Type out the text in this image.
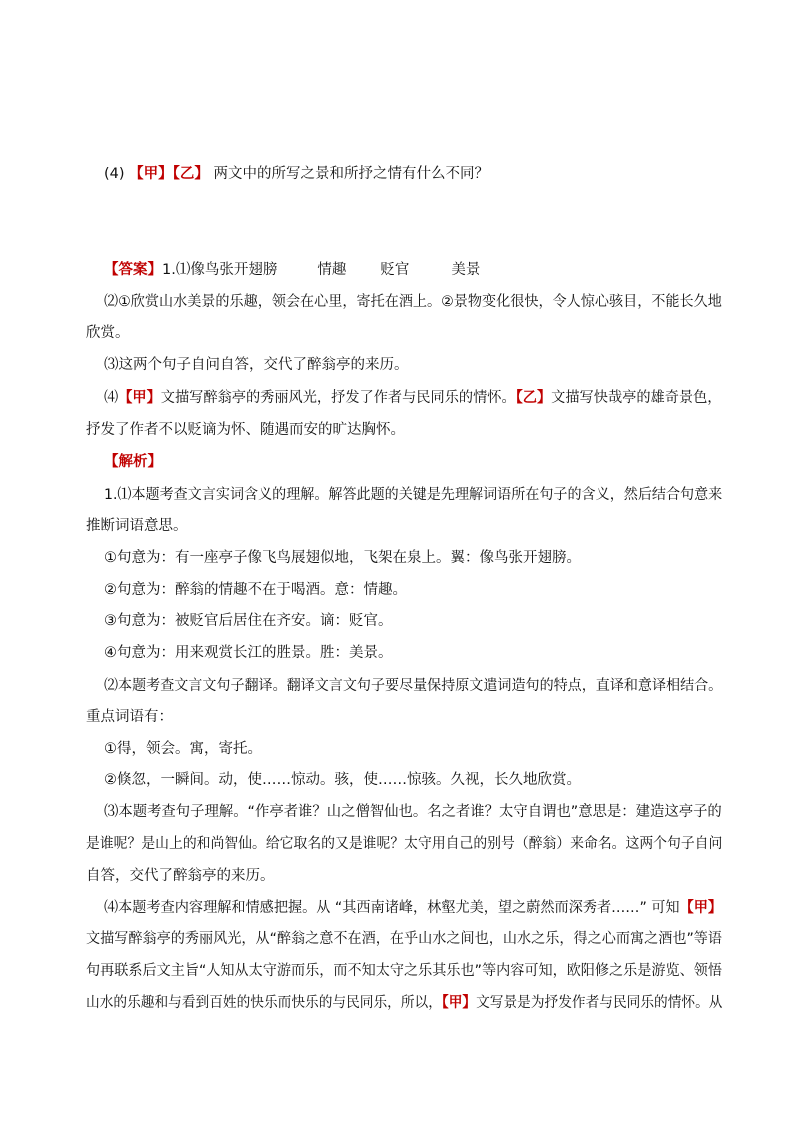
(4) 【甲】【乙】 两文中的所写之景和所抒之情有什么不同？
【答案】1.⑴像鸟张开翅膀	情趣 贬官	美景
⑵①欣赏山水美景的乐趣，领会在心里，寄托在酒上。②景物变化很快，令人惊心骇目，不能长久地
欣赏。
⑶这两个句子自问自答，交代了醉翁亭的来历。
⑷【甲】文描写醉翁亭的秀丽风光，抒发了作者与民同乐的情怀。【乙】文描写快哉亭的雄奇景色，
抒发了作者不以贬谪为怀、随遇而安的旷达胸怀。
【解析】
1.⑴本题考查文言实词含义的理解。解答此题的关键是先理解词语所在句子的含义，然后结合句意来
推断词语意思。
①句意为：有一座亭子像飞鸟展翅似地，飞架在泉上。翼：像鸟张开翅膀。
②句意为：醉翁的情趣不在于喝酒。意：情趣。
③句意为：被贬官后居住在齐安。谪：贬官。
④句意为：用来观赏长江的胜景。胜：美景。
⑵本题考查文言文句子翻译。翻译文言文句子要尽量保持原文遣词造句的特点，直译和意译相结合。
重点词语有：
①得，领会。寓，寄托。
②倏忽，一瞬间。动，使……惊动。骇，使……惊骇。久视，长久地欣赏。
⑶本题考查句子理解。“作亭者谁？山之僧智仙也。名之者谁？太守自谓也”意思是：建造这亭子的
是谁呢？是山上的和尚智仙。给它取名的又是谁呢？太守用自己的别号（醉翁）来命名。这两个句子自问
自答，交代了醉翁亭的来历。
⑷本题考查内容理解和情感把握。从 “其西南诸峰，林壑尤美，望之蔚然而深秀者……” 可知【甲】
文描写醉翁亭的秀丽风光，从“醉翁之意不在酒，在乎山水之间也，山水之乐，得之心而寓之酒也”等语
句再联系后文主旨“人知从太守游而乐，而不知太守之乐其乐也”等内容可知，欧阳修之乐是游览、领悟
山水的乐趣和与看到百姓的快乐而快乐的与民同乐，所以，【甲】文写景是为抒发作者与民同乐的情怀。从
